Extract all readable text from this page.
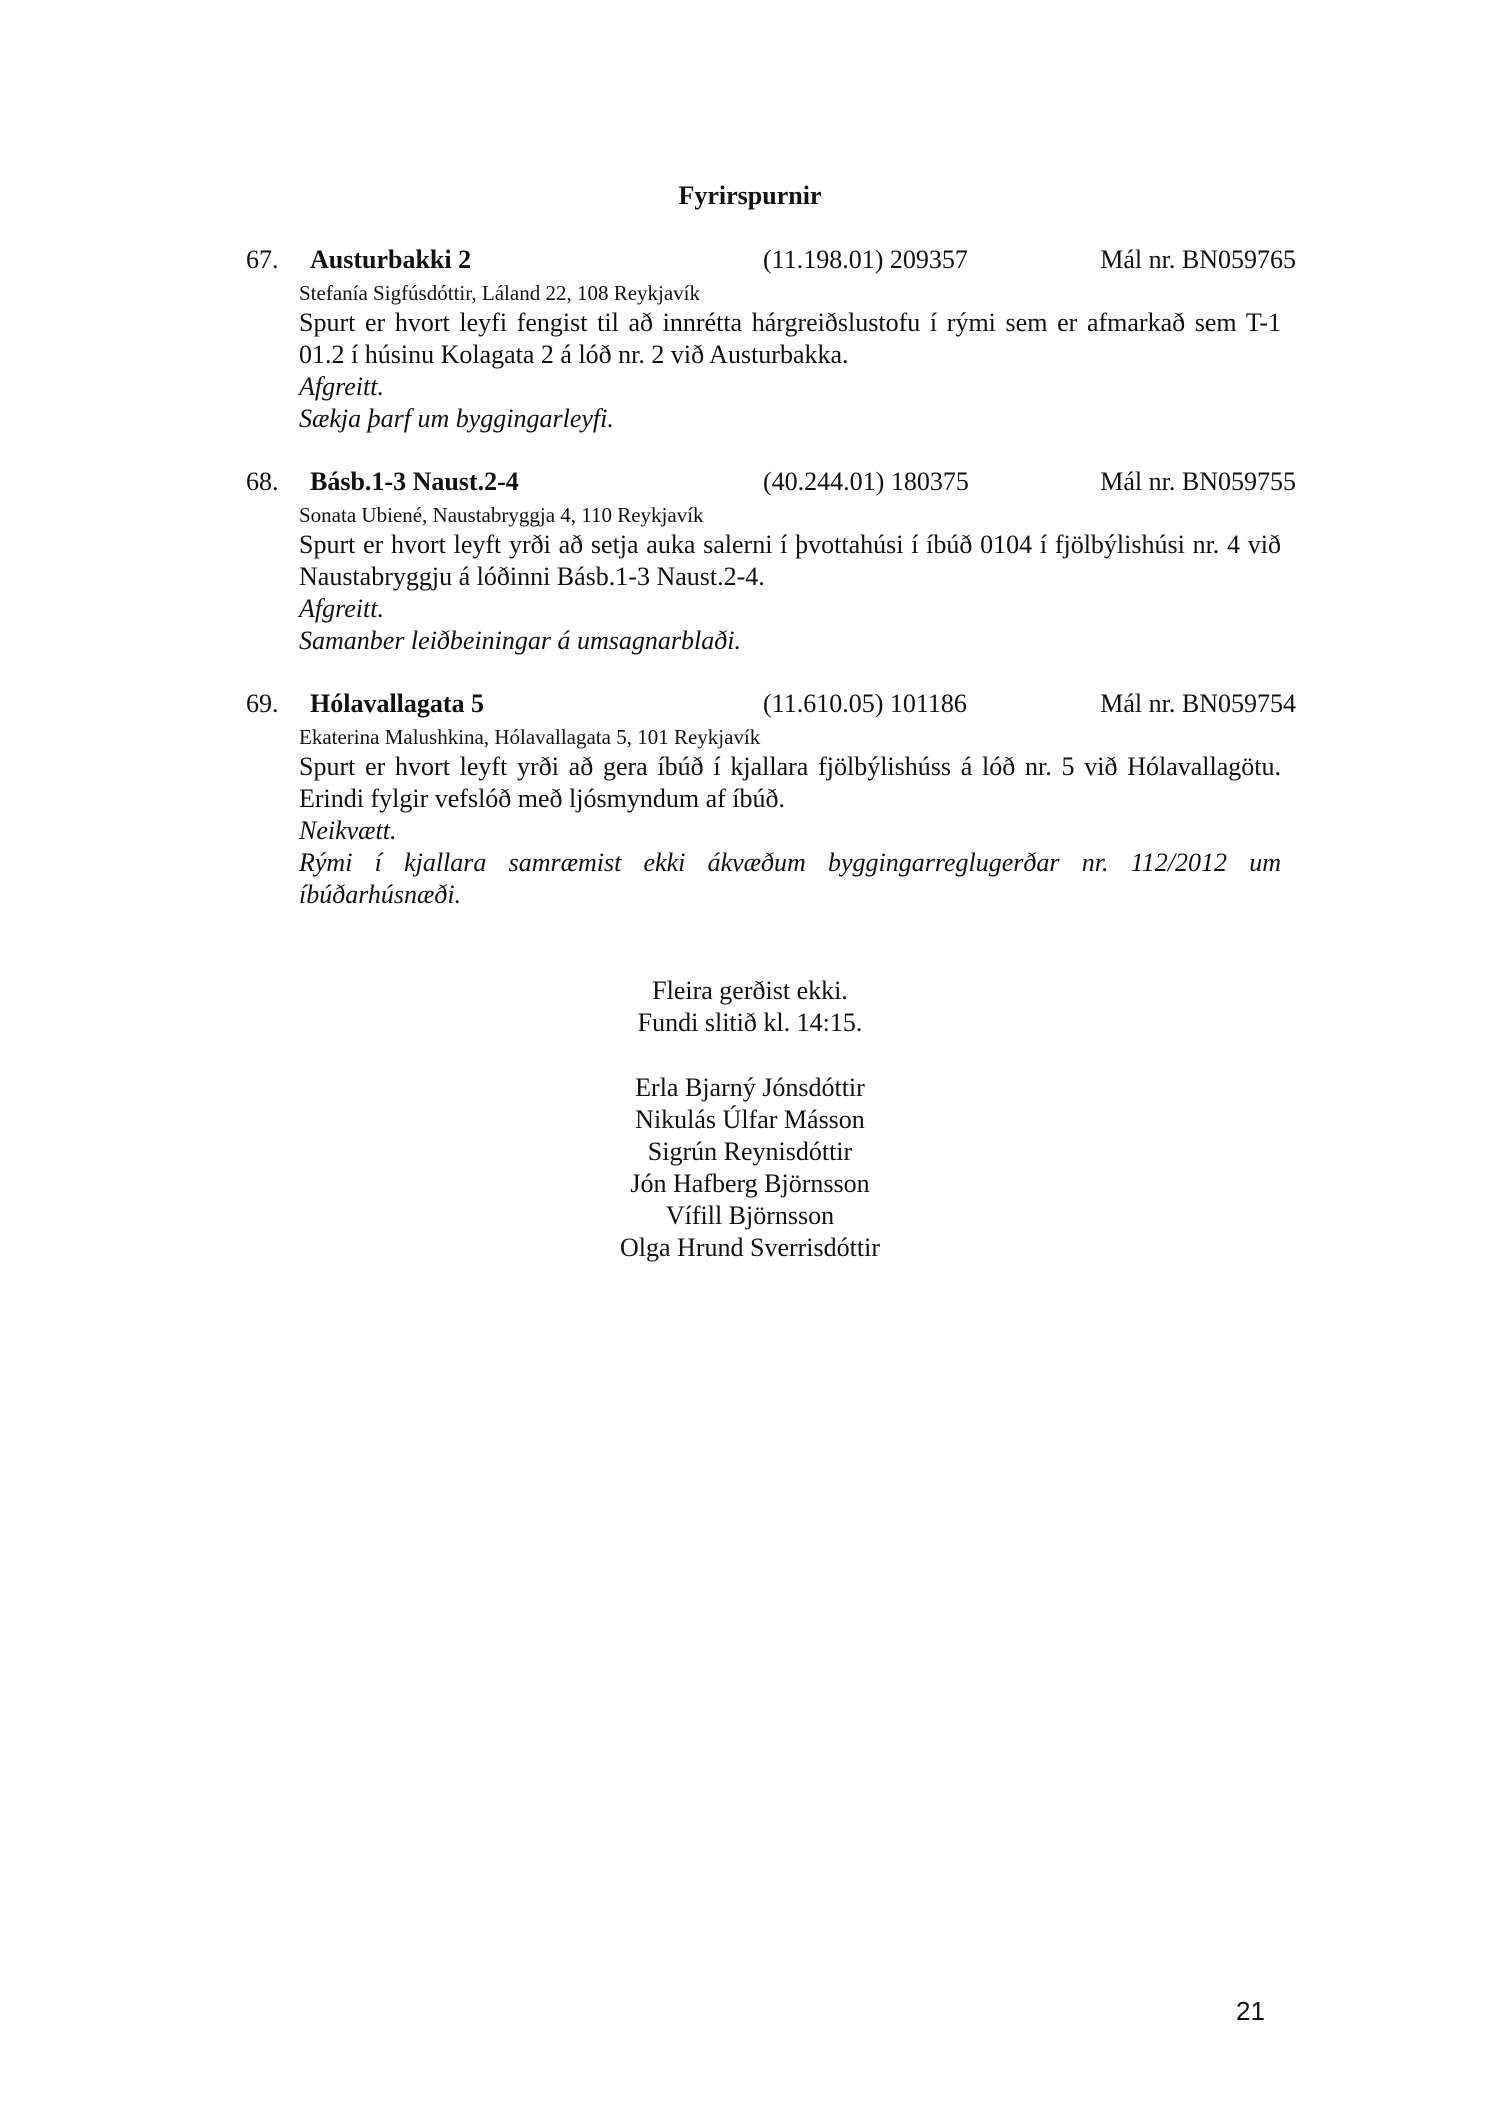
Fyrirspurnir
67. Austurbakki 2	(11.198.01) 209357	Mál nr. BN059765
Stefanía Sigfúsdóttir, Láland 22, 108 Reykjavík
Spurt er hvort leyfi fengist til að innrétta hárgreiðslustofu í rými sem er afmarkað sem T-1 01.2 í húsinu Kolagata 2 á lóð nr. 2 við Austurbakka.
Afgreitt.
Sækja þarf um byggingarleyfi.
68. Básb.1-3 Naust.2-4	(40.244.01) 180375	Mál nr. BN059755
Sonata Ubiené, Naustabryggja 4, 110 Reykjavík
Spurt er hvort leyft yrði að setja auka salerni í þvottahúsi í íbúð 0104 í fjölbýlishúsi nr. 4 við Naustabryggju á lóðinni Básb.1-3 Naust.2-4.
Afgreitt.
Samanber leiðbeiningar á umsagnarblaði.
69. Hólavallagata 5	(11.610.05) 101186	Mál nr. BN059754
Ekaterina Malushkina, Hólavallagata 5, 101 Reykjavík
Spurt er hvort leyft yrði að gera íbúð í kjallara fjölbýlishúss á lóð nr. 5 við Hólavallagötu. Erindi fylgir vefslóð með ljósmyndum af íbúð.
Neikvætt.
Rými í kjallara samræmist ekki ákvæðum byggingarreglugerðar nr. 112/2012 um íbúðarhúsnæði.
Fleira gerðist ekki.
Fundi slitið kl. 14:15.
Erla Bjarný Jónsdóttir
Nikulás Úlfar Másson
Sigrún Reynisdóttir
Jón Hafberg Björnsson
Vífill Björnsson
Olga Hrund Sverrisdóttir
21
